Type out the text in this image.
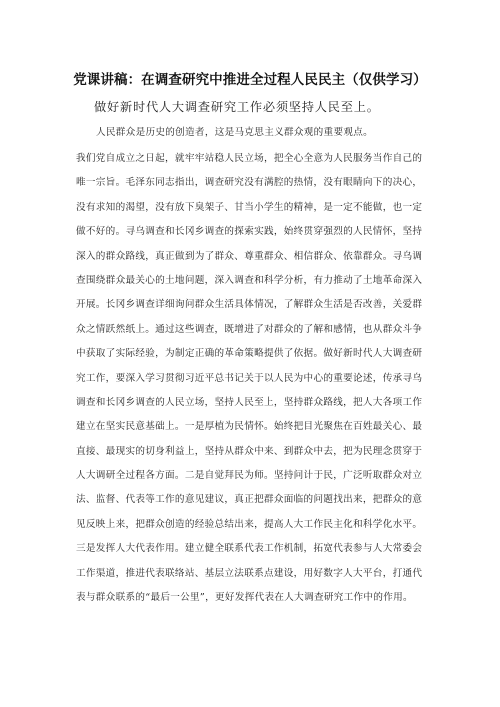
党课讲稿：在调查研究中推进全过程人民民主（仅供学习）
做好新时代人大调查研究工作必须坚持人民至上。
人民群众是历史的创造者，这是马克思主义群众观的重要观点。
我们党自成立之日起，就牢牢站稳人民立场，把全心全意为人民服务当作自己的
唯一宗旨。毛泽东同志指出，调查研究没有满腔的热情，没有眼睛向下的决心，
没有求知的渴望，没有放下臭架子、甘当小学生的精神，是一定不能做，也一定
做不好的。寻乌调查和长冈乡调查的探索实践，始终贯穿强烈的人民情怀，坚持
深入的群众路线，真正做到为了群众、尊重群众、相信群众、依靠群众。寻乌调
查围绕群众最关心的土地问题，深入调查和科学分析，有力推动了土地革命深入
开展。长冈乡调查详细询问群众生活具体情况，了解群众生活是否改善，关爱群
众之情跃然纸上。通过这些调查，既增进了对群众的了解和感情，也从群众斗争
中获取了实际经验，为制定正确的革命策略提供了依据。做好新时代人大调查研
究工作，要深入学习贯彻习近平总书记关于以人民为中心的重要论述，传承寻乌
调查和长冈乡调查的人民立场，坚持人民至上，坚持群众路线，把人大各项工作
建立在坚实民意基础上。一是厚植为民情怀。始终把目光聚焦在百姓最关心、最
直接、最现实的切身利益上，坚持从群众中来、到群众中去，把为民理念贯穿于
人大调研全过程各方面。二是自觉拜民为师。坚持问计于民，广泛听取群众对立
法、监督、代表等工作的意见建议，真正把群众面临的问题找出来，把群众的意
见反映上来，把群众创造的经验总结出来，提高人大工作民主化和科学化水平。
三是发挥人大代表作用。建立健全联系代表工作机制，拓宽代表参与人大常委会
工作渠道，推进代表联络站、基层立法联系点建设，用好数字人大平台，打通代
表与群众联系的“最后一公里”，更好发挥代表在人大调查研究工作中的作用。
